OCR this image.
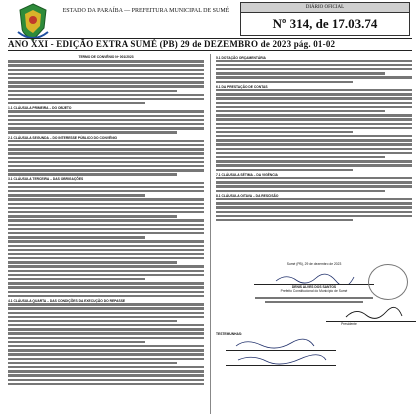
ESTADO DA PARAÍBA — PREFEITURA MUNICIPAL DE SUMÉ
DIÁRIO OFICIAL
Nº 314, de 17.03.74
ANO XXI - EDIÇÃO EXTRA SUMÉ (PB) 29 de DEZEMBRO de 2023 pág. 01-02
TERMO DE CONVÊNIO Nº 001/2023
1.1 CLÁUSULA PRIMEIRA – DO OBJETO
2.1 CLÁUSULA SEGUNDA – DO INTERESSE PÚBLICO DO CONVÊNIO
3.1 CLÁUSULA TERCEIRA – DAS OBRIGAÇÕES
4.1 CLÁUSULA QUARTA – DAS CONDIÇÕES DA EXECUÇÃO DO REPASSE
5.1 DOTAÇÃO ORÇAMENTÁRIA
6.1 DA PRESTAÇÃO DE CONTAS
7.1 CLÁUSULA SÉTIMA – DA VIGÊNCIA
8.1 CLÁUSULA OITAVA – DA RESCISÃO
Sumé (PB), 29 de dezembro de 2023
DENIS ALVES DOS SANTOS
Prefeito Constitucional do Município de Sumé
Presidente
TESTEMUNHAS:
